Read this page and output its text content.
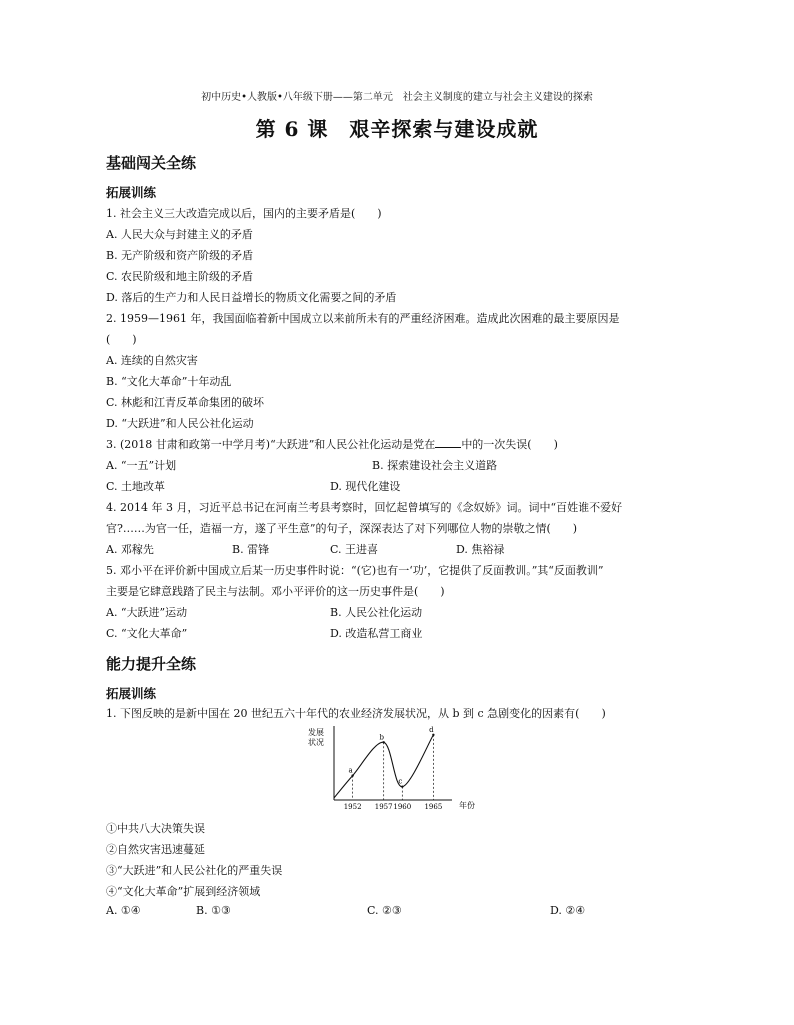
初中历史•人教版•八年级下册——第二单元　社会主义制度的建立与社会主义建设的探索
第 6 课　艰辛探索与建设成就
基础闯关全练
拓展训练
1. 社会主义三大改造完成以后，国内的主要矛盾是(　　)
A. 人民大众与封建主义的矛盾
B. 无产阶级和资产阶级的矛盾
C. 农民阶级和地主阶级的矛盾
D. 落后的生产力和人民日益增长的物质文化需要之间的矛盾
2. 1959—1961 年，我国面临着新中国成立以来前所未有的严重经济困难。造成此次困难的最主要原因是
(　　)
A. 连续的自然灾害
B. “文化大革命”十年动乱
C. 林彪和江青反革命集团的破坏
D. “大跃进”和人民公社化运动
3. (2018 甘肃和政第一中学月考)“大跃进”和人民公社化运动是党在 中的一次失误(　　)
A. “一五”计划	B. 探索建设社会主义道路
C. 土地改革	D. 现代化建设
4. 2014 年 3 月，习近平总书记在河南兰考县考察时，回忆起曾填写的《念奴娇》词。词中“百姓谁不爱好
官?……为官一任，造福一方，遂了平生意”的句子，深深表达了对下列哪位人物的崇敬之情(　　)
A. 邓稼先	B. 雷锋	C. 王进喜	D. 焦裕禄
5. 邓小平在评价新中国成立后某一历史事件时说：“(它)也有一‘功’，它提供了反面教训。”其“反面教训”
主要是它肆意践踏了民主与法制。邓小平评价的这一历史事件是(　　)
A. “大跃进”运动	B. 人民公社化运动
C. “文化大革命”	D. 改造私营工商业
能力提升全练
拓展训练
1. 下图反映的是新中国在 20 世纪五六十年代的农业经济发展状况，从 b 到 c 急剧变化的因素有(　　)
发展
状况
年份
a
b
c
d
1952 1957 1960 1965
①中共八大决策失误
②自然灾害迅速蔓延
③“大跃进”和人民公社化的严重失误
④“文化大革命”扩展到经济领域
A. ①④	B. ①③	C. ②③	D. ②④
